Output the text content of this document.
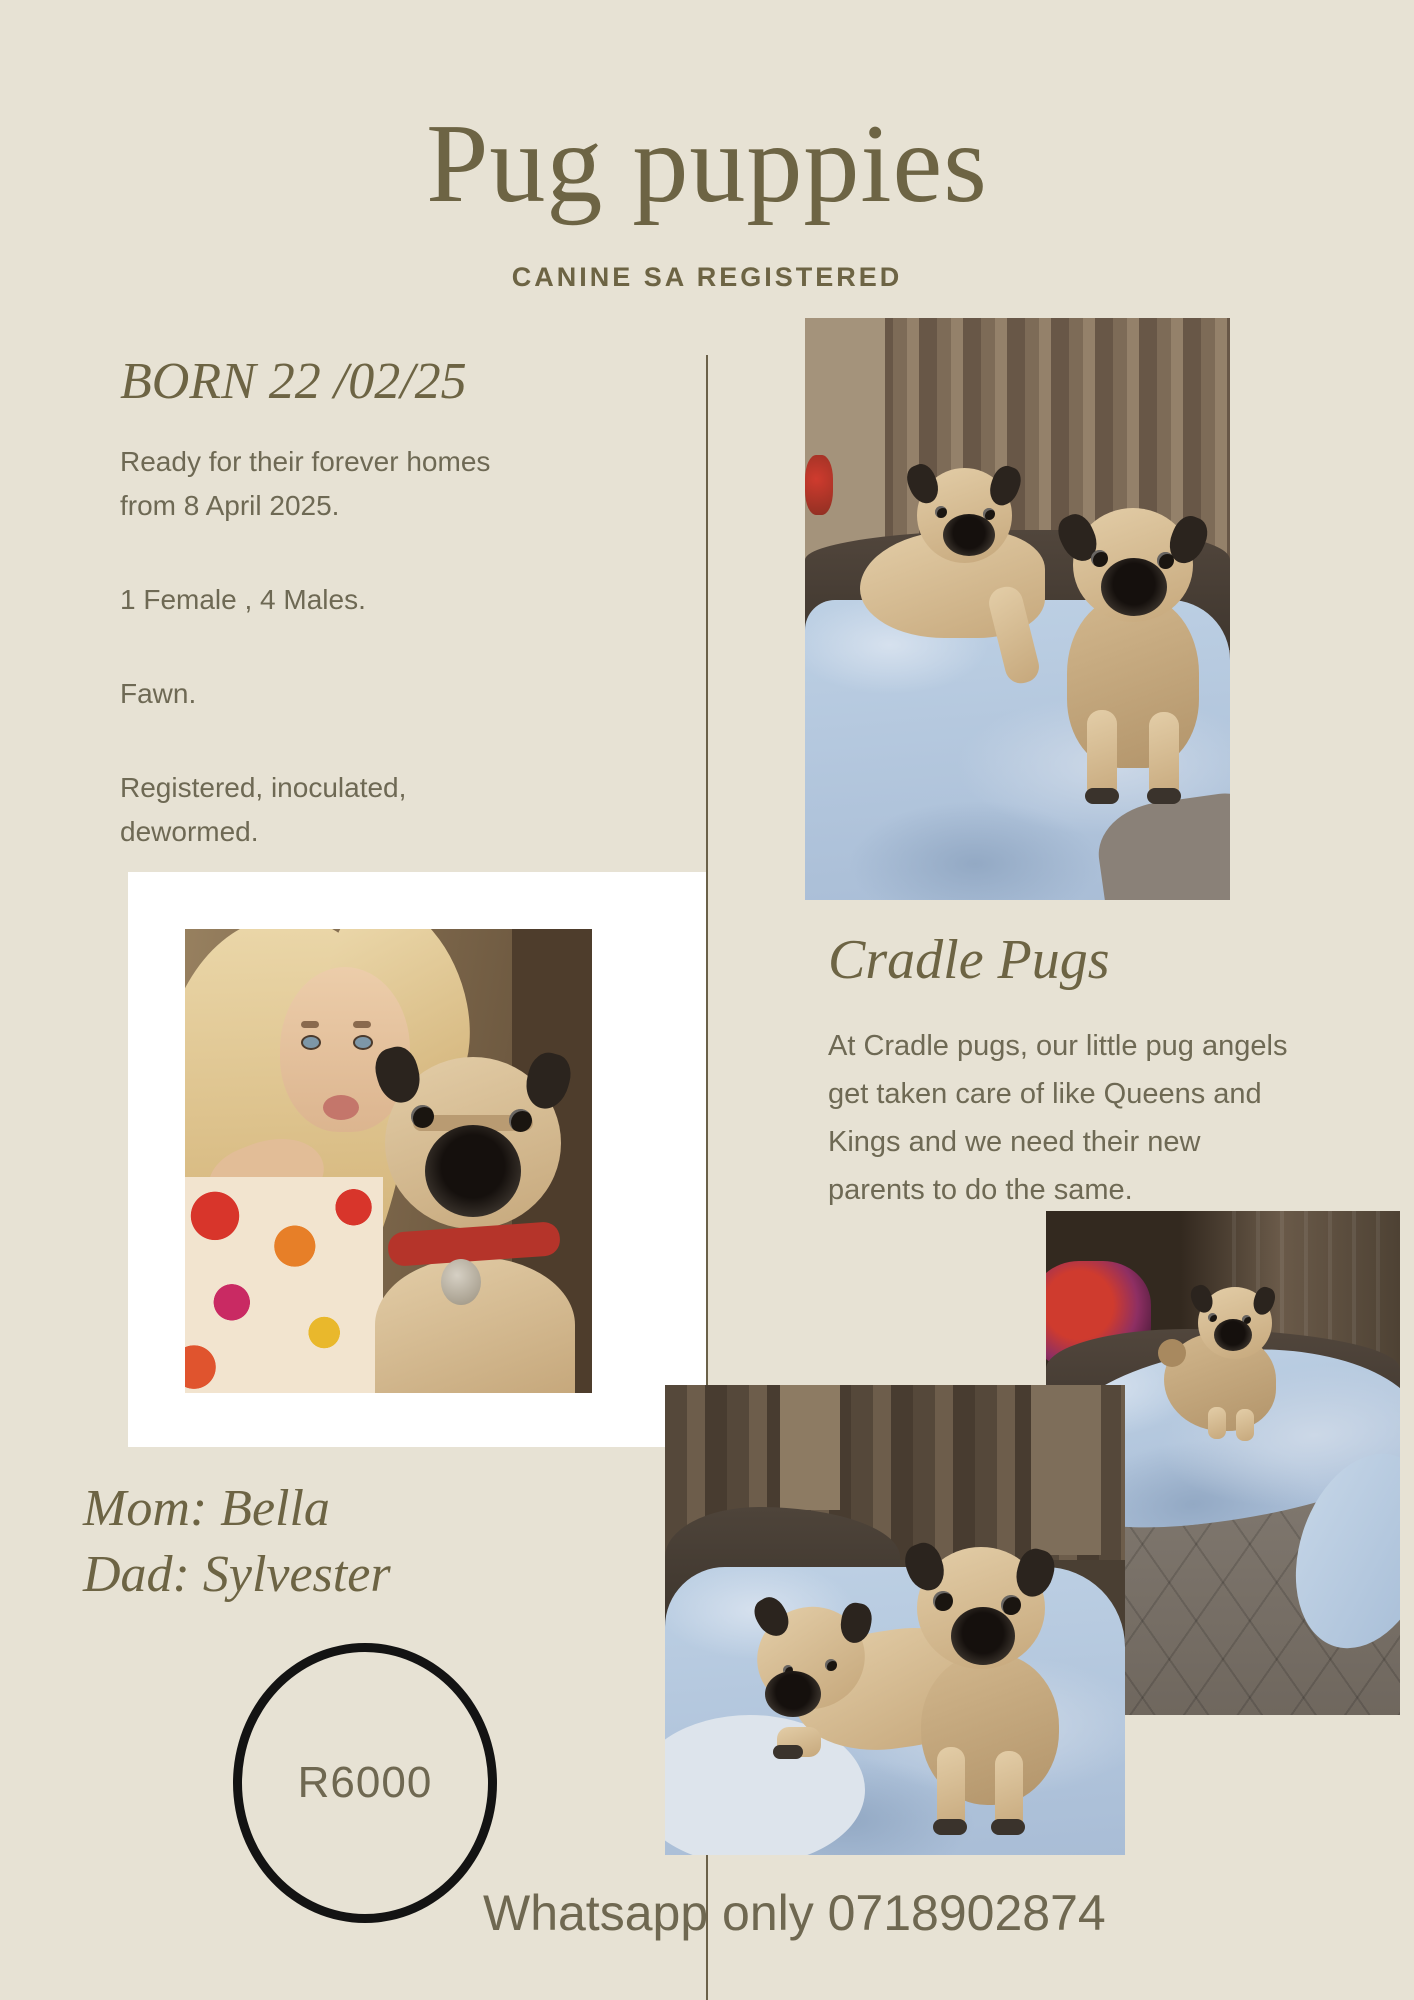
Pug puppies
CANINE SA REGISTERED
BORN 22 /02/25
Ready for their forever homes from 8 April 2025.
1 Female , 4 Males.
Fawn.
Registered, inoculated, dewormed.
Cradle Pugs
At Cradle pugs, our little pug angels get taken care of like Queens and Kings and we need their new parents to do the same.
Mom: Bella
Dad: Sylvester
R6000
Whatsapp only 0718902874
